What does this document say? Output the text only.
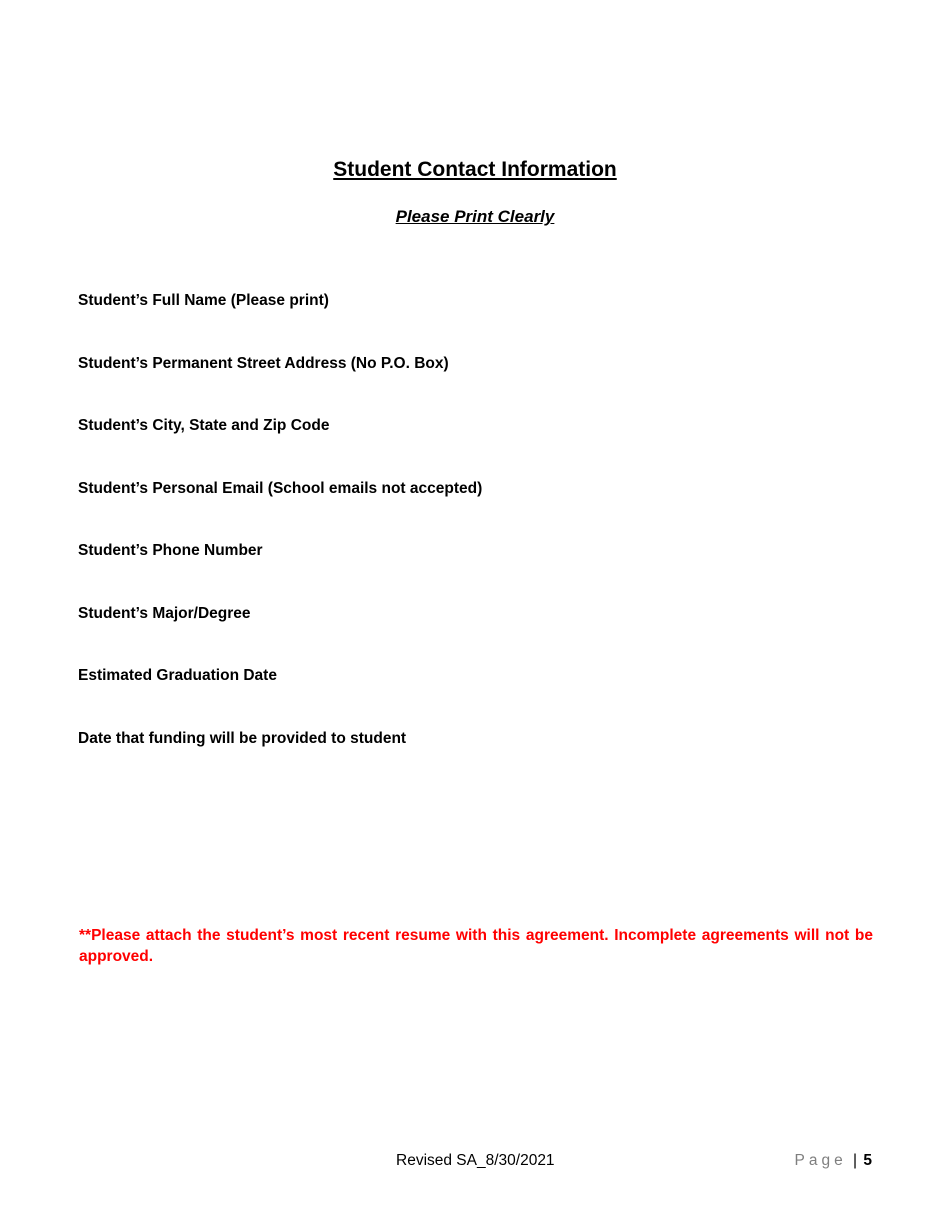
Student Contact Information
Please Print Clearly
Student’s Full Name (Please print)
Student’s Permanent Street Address (No P.O. Box)
Student’s City, State and Zip Code
Student’s Personal Email (School emails not accepted)
Student’s Phone Number
Student’s Major/Degree
Estimated Graduation Date
Date that funding will be provided to student
**Please attach the student’s most recent resume with this agreement. Incomplete agreements will not be approved.
Revised SA_8/30/2021	Page | 5
